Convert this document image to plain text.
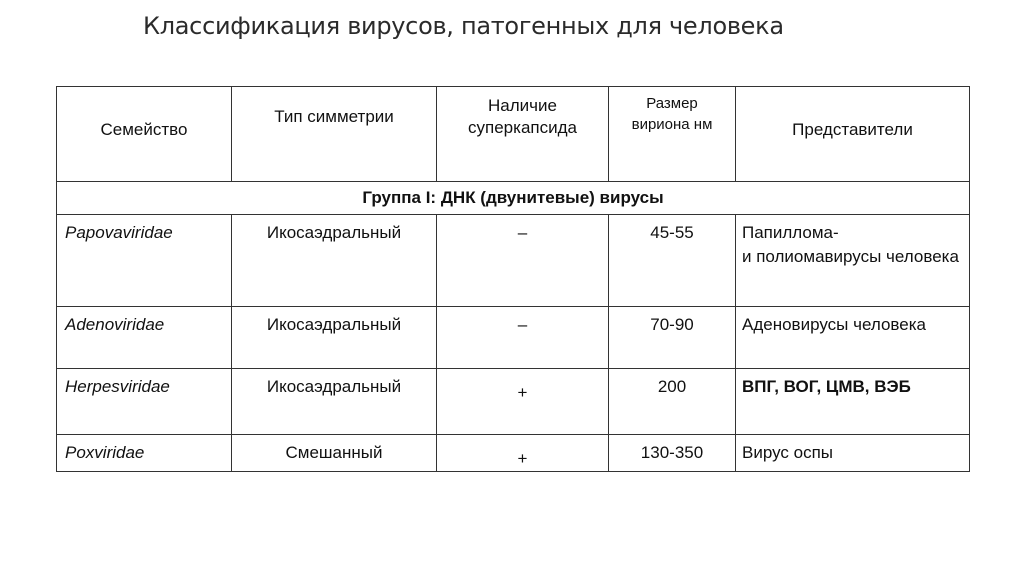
Классификация вирусов, патогенных для человека
Семейство	Тип симметрии	Наличие суперкапсида	Размер вириона нм	Представители

Группа I: ДНК (двунитевые) вирусы				

Papovaviridae	Икосаэдральный	–	45-55	Папиллома-
и полиомавирусы человека

Adenoviridae	Икосаэдральный	–	70-90	Аденовирусы человека

Herpesviridae	Икосаэдральный	+	200	ВПГ, ВОГ, ЦМВ, ВЭБ

Poxviridae	Смешанный	+	130-350	Вирус оспы
